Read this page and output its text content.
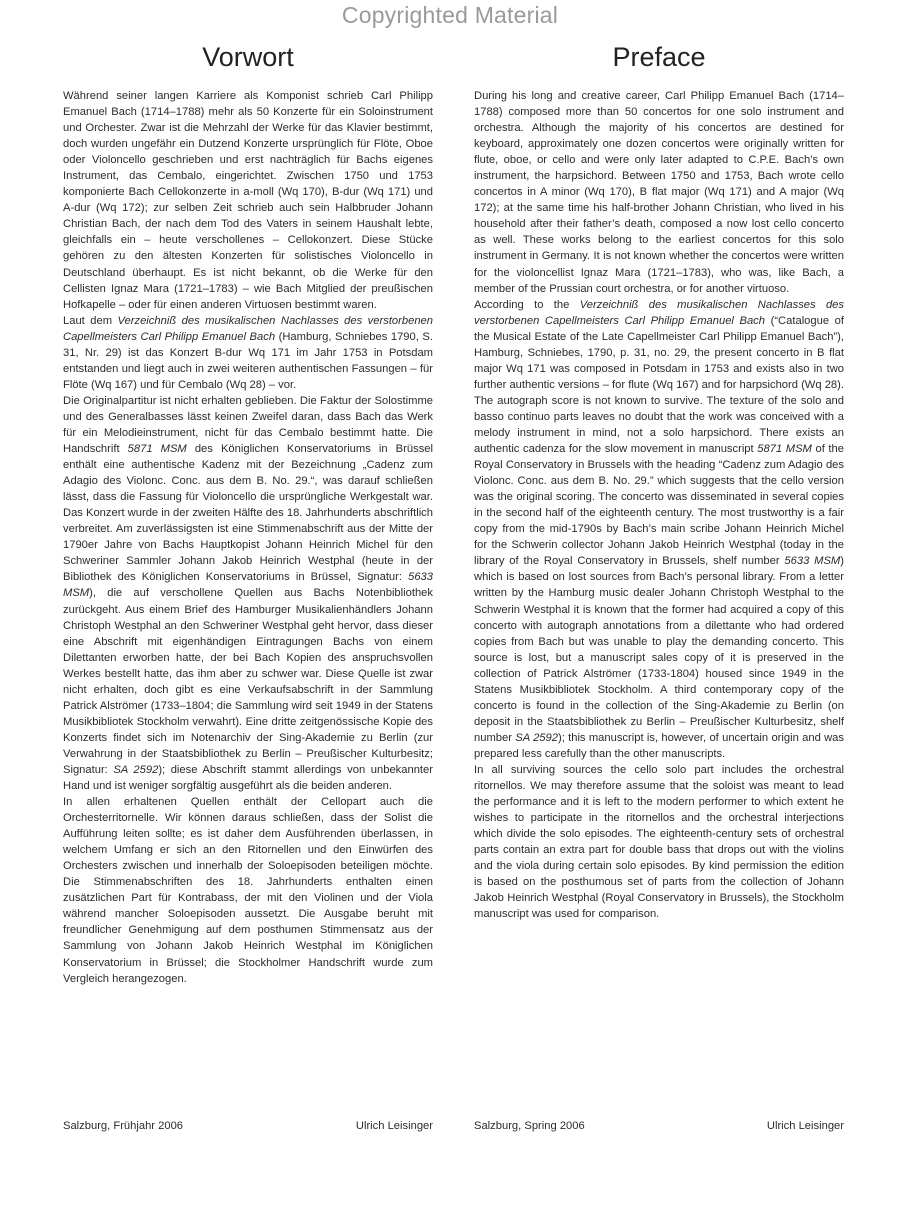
Copyrighted Material
Vorwort

Während seiner langen Karriere als Komponist schrieb Carl Philipp Emanuel Bach (1714–1788) mehr als 50 Konzerte für ein Soloinstrument und Orchester. Zwar ist die Mehrzahl der Werke für das Klavier bestimmt, doch wurden ungefähr ein Dutzend Konzerte ursprünglich für Flöte, Oboe oder Violoncello geschrieben und erst nachträglich für Bachs eigenes Instrument, das Cembalo, eingerichtet. Zwischen 1750 und 1753 komponierte Bach Cellokonzerte in a-moll (Wq 170), B-dur (Wq 171) und A-dur (Wq 172); zur selben Zeit schrieb auch sein Halbbruder Johann Christian Bach, der nach dem Tod des Vaters in seinem Haushalt lebte, gleichfalls ein – heute verschollenes – Cellokonzert. Diese Stücke gehören zu den ältesten Konzerten für solistisches Violoncello in Deutschland überhaupt. Es ist nicht bekannt, ob die Werke für den Cellisten Ignaz Mara (1721–1783) – wie Bach Mitglied der preußischen Hofkapelle – oder für einen anderen Virtuosen bestimmt waren.

Laut dem Verzeichniß des musikalischen Nachlasses des verstorbenen Capellmeisters Carl Philipp Emanuel Bach (Hamburg, Schniebes 1790, S. 31, Nr. 29) ist das Konzert B-dur Wq 171 im Jahr 1753 in Potsdam entstanden und liegt auch in zwei weiteren authentischen Fassungen – für Flöte (Wq 167) und für Cembalo (Wq 28) – vor.

Die Originalpartitur ist nicht erhalten geblieben. Die Faktur der Solostimme und des Generalbasses lässt keinen Zweifel daran, dass Bach das Werk für ein Melodieinstrument, nicht für das Cembalo bestimmt hatte. Die Handschrift 5871 MSM des Königlichen Konservatoriums in Brüssel enthält eine authentische Kadenz mit der Bezeichnung „Cadenz zum Adagio des Violonc. Conc. aus dem B. No. 29.“, was darauf schließen lässt, dass die Fassung für Violoncello die ursprüngliche Werkgestalt war. Das Konzert wurde in der zweiten Hälfte des 18. Jahrhunderts abschriftlich verbreitet. Am zuverlässigsten ist eine Stimmenabschrift aus der Mitte der 1790er Jahre von Bachs Hauptkopist Johann Heinrich Michel für den Schweriner Sammler Johann Jakob Heinrich Westphal (heute in der Bibliothek des Königlichen Konservatoriums in Brüssel, Signatur: 5633 MSM), die auf verschollene Quellen aus Bachs Notenbibliothek zurückgeht. Aus einem Brief des Hamburger Musikalienhändlers Johann Christoph Westphal an den Schweriner Westphal geht hervor, dass dieser eine Abschrift mit eigenhändigen Eintragungen Bachs von einem Dilettanten erworben hatte, der bei Bach Kopien des anspruchsvollen Werkes bestellt hatte, das ihm aber zu schwer war. Diese Quelle ist zwar nicht erhalten, doch gibt es eine Verkaufsabschrift in der Sammlung Patrick Alströmer (1733–1804; die Sammlung wird seit 1949 in der Statens Musikbibliotek Stockholm verwahrt). Eine dritte zeitgenössische Kopie des Konzerts findet sich im Notenarchiv der Sing-Akademie zu Berlin (zur Verwahrung in der Staatsbibliothek zu Berlin – Preußischer Kulturbesitz; Signatur: SA 2592); diese Abschrift stammt allerdings von unbekannter Hand und ist weniger sorgfältig ausgeführt als die beiden anderen.

In allen erhaltenen Quellen enthält der Cellopart auch die Orchesterritornelle. Wir können daraus schließen, dass der Solist die Aufführung leiten sollte; es ist daher dem Ausführenden überlassen, in welchem Umfang er sich an den Ritornellen und den Einwürfen des Orchesters zwischen und innerhalb der Soloepisoden beteiligen möchte. Die Stimmenabschriften des 18. Jahrhunderts enthalten einen zusätzlichen Part für Kontrabass, der mit den Violinen und der Viola während mancher Soloepisoden aussetzt. Die Ausgabe beruht mit freundlicher Genehmigung auf dem posthumen Stimmensatz aus der Sammlung von Johann Jakob Heinrich Westphal im Königlichen Konservatorium in Brüssel; die Stockholmer Handschrift wurde zum Vergleich herangezogen.

Preface

During his long and creative career, Carl Philipp Emanuel Bach (1714–1788) composed more than 50 concertos for one solo instrument and orchestra. Although the majority of his concertos are destined for keyboard, approximately one dozen concertos were originally written for flute, oboe, or cello and were only later adapted to C.P.E. Bach’s own instrument, the harpsichord. Between 1750 and 1753, Bach wrote cello concertos in A minor (Wq 170), B flat major (Wq 171) and A major (Wq 172); at the same time his half-brother Johann Christian, who lived in his household after their father’s death, composed a now lost cello concerto as well. These works belong to the earliest concertos for this solo instrument in Germany. It is not known whether the concertos were written for the violoncellist Ignaz Mara (1721–1783), who was, like Bach, a member of the Prussian court orchestra, or for another virtuoso.

According to the Verzeichniß des musikalischen Nachlasses des verstorbenen Capellmeisters Carl Philipp Emanuel Bach (“Catalogue of the Musical Estate of the Late Capellmeister Carl Philipp Emanuel Bach”), Hamburg, Schniebes, 1790, p. 31, no. 29, the present concerto in B flat major Wq 171 was composed in Potsdam in 1753 and exists also in two further authentic versions – for flute (Wq 167) and for harpsichord (Wq 28).

The autograph score is not known to survive. The texture of the solo and basso continuo parts leaves no doubt that the work was conceived with a melody instrument in mind, not a solo harpsichord. There exists an authentic cadenza for the slow movement in manuscript 5871 MSM of the Royal Conservatory in Brussels with the heading “Cadenz zum Adagio des Violonc. Conc. aus dem B. No. 29.” which suggests that the cello version was the original scoring. The concerto was disseminated in several copies in the second half of the eighteenth century. The most trustworthy is a fair copy from the mid-1790s by Bach’s main scribe Johann Heinrich Michel for the Schwerin collector Johann Jakob Heinrich Westphal (today in the library of the Royal Conservatory in Brussels, shelf number 5633 MSM) which is based on lost sources from Bach’s personal library. From a letter written by the Hamburg music dealer Johann Christoph Westphal to the Schwerin Westphal it is known that the former had acquired a copy of this concerto with autograph annotations from a dilettante who had ordered copies from Bach but was unable to play the demanding concerto. This source is lost, but a manuscript sales copy of it is preserved in the collection of Patrick Alströmer (1733-1804) housed since 1949 in the Statens Musikbibliotek Stockholm. A third contemporary copy of the concerto is found in the collection of the Sing-Akademie zu Berlin (on deposit in the Staatsbibliothek zu Berlin – Preußischer Kulturbesitz, shelf number SA 2592); this manuscript is, however, of uncertain origin and was prepared less carefully than the other manuscripts.

In all surviving sources the cello solo part includes the orchestral ritornellos. We may therefore assume that the soloist was meant to lead the performance and it is left to the modern performer to which extent he wishes to participate in the ritornellos and the orchestral interjections which divide the solo episodes. The eighteenth-century sets of orchestral parts contain an extra part for double bass that drops out with the violins and the viola during certain solo episodes. By kind permission the edition is based on the posthumous set of parts from the collection of Johann Jakob Heinrich Westphal (Royal Conservatory in Brussels), the Stockholm manuscript was used for comparison.

Salzburg, Frühjahr 2006	Ulrich Leisinger	Salzburg, Spring 2006	Ulrich Leisinger
